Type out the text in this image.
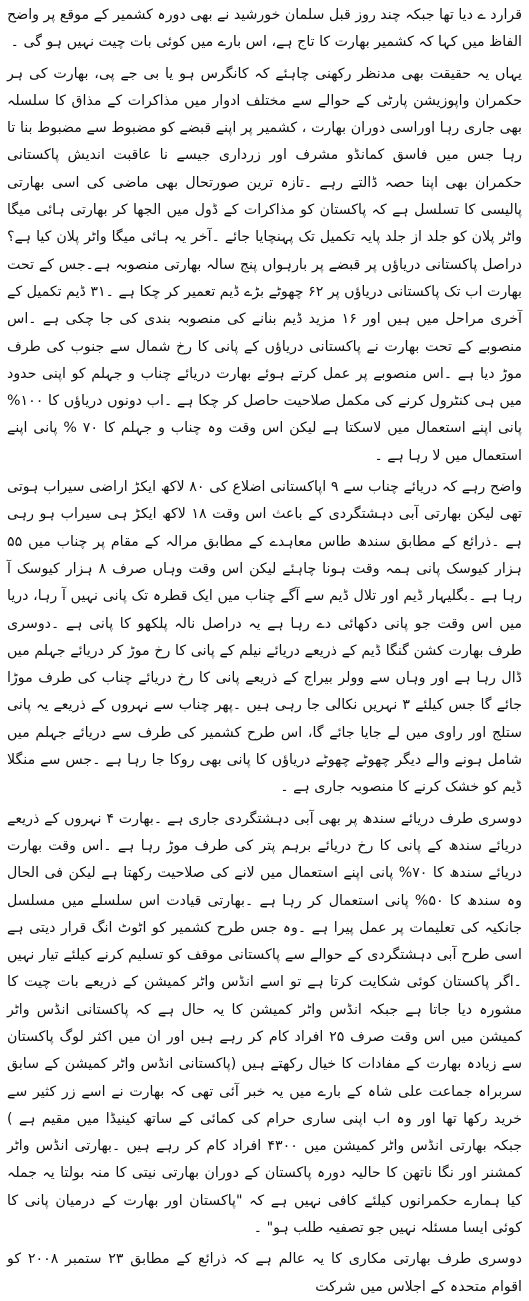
قرارد ے دیا تھا جبکہ چند روز قبل سلمان خورشید نے بھی دورہ کشمیر کے موقع پر واضح الفاظ میں کہا کہ کشمیر بھارت کا تاج ہے، اس بارے میں کوئی بات چیت نہیں ہو گی ۔

یہاں یہ حقیقت بھی مدنظر رکھنی چاہئے کہ کانگرس ہو یا بی جے پی، بھارت کی ہر حکمران واپوزیشن پارٹی کے حوالے سے مختلف ادوار میں مذاکرات کے مذاق کا سلسلہ بھی جاری رہا اوراسی دوران بھارت ، کشمیر پر اپنے قبضے کو مضبوط سے مضبوط بنا تا رہا جس میں فاسق کمانڈو مشرف اور زرداری جیسے نا عاقبت اندیش پاکستانی حکمران بھی اپنا حصہ ڈالتے رہے ۔تازہ ترین صورتحال بھی ماضی کی اسی بھارتی پالیسی کا تسلسل ہے کہ پاکستان کو مذاکرات کے ڈول میں الجھا کر بھارتی ہائی میگا واٹر پلان کو جلد از جلد پایہ تکمیل تک پہنچایا جائے ۔آخر یہ ہائی میگا واٹر پلان کیا ہے؟ دراصل پاکستانی دریاؤں پر قبضے پر بارہواں پنج سالہ بھارتی منصوبہ ہے۔جس کے تحت بھارت اب تک پاکستانی دریاؤں پر ۶۲ چھوٹے بڑے ڈیم تعمیر کر چکا ہے ۔۳۱ ڈیم تکمیل کے آخری مراحل میں ہیں اور ۱۶ مزید ڈیم بنانے کی منصوبہ بندی کی جا چکی ہے ۔اس منصوبے کے تحت بھارت نے پاکستانی دریاؤں کے پانی کا رخ شمال سے جنوب کی طرف موڑ دیا ہے ۔اس منصوبے پر عمل کرتے ہوئے بھارت دریائے چناب و جہلم کو اپنی حدود میں ہی کنٹرول کرنے کی مکمل صلاحیت حاصل کر چکا ہے ۔اب دونوں دریاؤں کا ۱۰۰% پانی اپنے استعمال میں لاسکتا ہے لیکن اس وقت وہ چناب و جہلم کا ۷۰ % پانی اپنے استعمال میں لا رہا ہے ۔

واضح رہے کہ دریائے چناب سے ۹ اپاکستانی اضلاع کی ۸۰ لاکھ ایکڑ اراضی سیراب ہوتی تھی لیکن بھارتی آبی دہشتگردی کے باعث اس وقت ۱۸ لاکھ ایکڑ ہی سیراب ہو رہی ہے ۔ذرائع کے مطابق سندھ طاس معاہدے کے مطابق مرالہ کے مقام پر چناب میں ۵۵ ہزار کیوسک پانی ہمہ وقت ہونا چاہئے لیکن اس وقت وہاں صرف ۸ ہزار کیوسک آ رہا ہے ۔بگلیہار ڈیم اور تلال ڈیم سے آگے چناب میں ایک قطرہ تک پانی نہیں آ رہا، دریا میں اس وقت جو پانی دکھائی دے رہا ہے یہ دراصل نالہ پلکھو کا پانی ہے ۔دوسری طرف بھارت کشن گنگا ڈیم کے ذریعے دریائے نیلم کے پانی کا رخ موڑ کر دریائے جہلم میں ڈال رہا ہے اور وہاں سے وولر بیراج کے ذریعے پانی کا رخ دریائے چناب کی طرف موڑا جائے گا جس کیلئے ۳ نہریں نکالی جا رہی ہیں ۔پھر چناب سے نہروں کے ذریعے یہ پانی ستلج اور راوی میں لے جایا جائے گا، اس طرح کشمیر کی طرف سے دریائے جہلم میں شامل ہونے والے دیگر چھوٹے چھوٹے دریاؤں کا پانی بھی روکا جا رہا ہے ۔جس سے منگلا ڈیم کو خشک کرنے کا منصوبہ جاری ہے ۔

دوسری طرف دریائے سندھ پر بھی آبی دہشتگردی جاری ہے ۔بھارت ۴ نہروں کے ذریعے دریائے سندھ کے پانی کا رخ دریائے برہم پتر کی طرف موڑ رہا ہے ۔اس وقت بھارت دریائے سندھ کا ۷۰% پانی اپنے استعمال میں لانے کی صلاحیت رکھتا ہے لیکن فی الحال وہ سندھ کا ۵۰% پانی استعمال کر رہا ہے ۔بھارتی قیادت اس سلسلے میں مسلسل جانکیہ کی تعلیمات پر عمل پیرا ہے ۔وہ جس طرح کشمیر کو اٹوٹ انگ قرار دیتی ہے اسی طرح آبی دہشتگردی کے حوالے سے پاکستانی موقف کو تسلیم کرنے کیلئے تیار نہیں ۔اگر پاکستان کوئی شکایت کرتا ہے تو اسے انڈس واٹر کمیشن کے ذریعے بات چیت کا مشورہ دیا جاتا ہے جبکہ انڈس واٹر کمیشن کا یہ حال ہے کہ پاکستانی انڈس واٹر کمیشن میں اس وقت صرف ۲۵ افراد کام کر رہے ہیں اور ان میں اکثر لوگ پاکستان سے زیادہ بھارت کے مفادات کا خیال رکھتے ہیں (پاکستانی انڈس واٹر کمیشن کے سابق سربراہ جماعت علی شاہ کے بارے میں یہ خبر آئی تھی کہ بھارت نے اسے زر کثیر سے خرید رکھا تھا اور وہ اب اپنی ساری حرام کی کمائی کے ساتھ کینیڈا میں مقیم ہے ) جبکہ بھارتی انڈس واٹر کمیشن میں ۴۳۰۰ افراد کام کر رہے ہیں ۔بھارتی انڈس واٹر کمشنر اور نگا ناتھن کا حالیہ دورہ پاکستان کے دوران بھارتی نیتی کا منہ بولتا یہ جملہ کیا ہمارے حکمرانوں کیلئے کافی نہیں ہے کہ "پاکستان اور بھارت کے درمیان پانی کا کوئی ایسا مسئلہ نہیں جو تصفیہ طلب ہو" ۔

دوسری طرف بھارتی مکاری کا یہ عالم ہے کہ ذرائع کے مطابق ۲۳ ستمبر ۲۰۰۸ کو اقوام متحدہ کے اجلاس میں شرکت
